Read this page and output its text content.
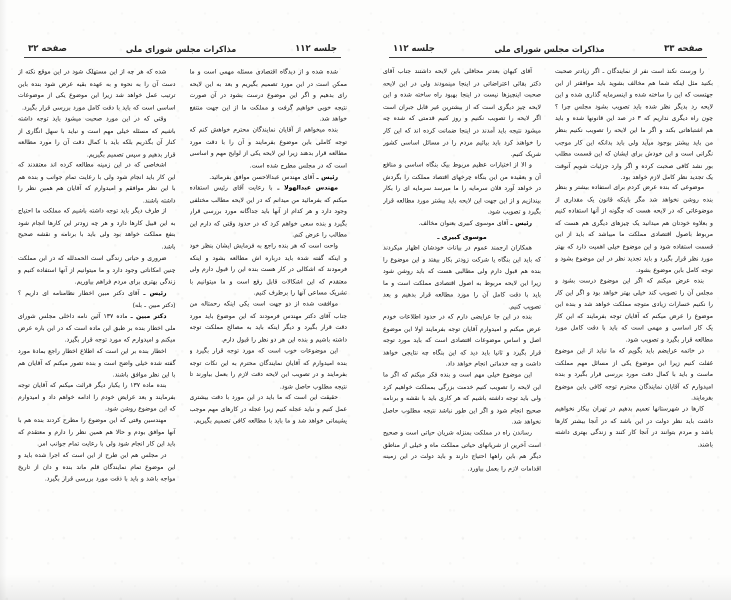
صفحه ۳۳
مذاکرات مجلس شورای ملی
جلسه ۱۱۲

را ورست نکند است نفر از نمایندگان ـ اگر زیادتر صحبت بکنید مثل اینکه شما هم مخالف بشوید باید موافقتر از این جهتست که این را ساخته شده و اینسرمایه گذاری شده و این لایحه رد بدیگر نظر شده باید تصویب بشود مجلس چرا ؟ چون راه دیگری نداریم که ۳ در صد این قانونها شده و باید هم اشتباهاتی بکند و اگر ما این لایحه را تصویب نکنیم بنظر من باید بیشتر بوجود میآید ولی باید بدانکه این کار موجب نگرانی است و این خودش برای ایشان که این قسمت مطلب بور نشد کافی صحبت کرده و اگر وارد جزئیات شویم آنوقت یک تجدید نظر کامل لازم خواهد بود.

موضوعی که بنده عرض کردم برای استفاده بیشتر و بنظر بنده روشن نخواهد شد مگر باینکه قانون یک مقداری از موضوعاتی که در لایحه هست که چگونه از آنها استفاده کنیم و بعلاوه خودتان هم میدانید یک چیزهای دیگری هم هست که مربوط باصول اقتصادی مملکت ما میباشد که باید از این قسمت استفاده شود و این موضوع خیلی اهمیت دارد که بهتر مورد نظر قرار بگیرد و باید تجدید نظر در این موضوع بشود و توجه کامل باین موضوع بشود.

بنده عرض میکنم که اگر این موضوع درست بشود و مجلس آن را تصویب کند خیلی بهتر خواهد بود و اگر این کار را نکنیم خسارات زیادی متوجه مملکت خواهد شد و بنده این موضوع را عرض میکنم که آقایان توجه بفرمایند که این کار یک کار اساسی و مهمی است که باید با دقت کامل مورد مطالعه قرار بگیرد و تصویب شود.

در خاتمه عرایضم باید بگویم که ما نباید از این موضوع غفلت کنیم زیرا این موضوع یکی از مسائل مهم مملکت ماست و باید با کمال دقت مورد بررسی قرار بگیرد و بنده امیدوارم که آقایان نمایندگان محترم توجه کافی باین موضوع بفرمایند.

کارها در شهرستانها تعمیم بدهیم در تهران بیکار نخواهیم داشت باید نظر دولت در این باشد که در آنجا بیشتر کارها باشد و مردم بتوانند در آنجا کار کنند و زندگی بهتری داشته باشند.

آقای کیهان بعدتر محافلی باین لایحه داشتند جناب آقای دکتر بقائی اعتراضاتی در اینجا مینمودند ولی در این لایحه صحبت اینچیزها نیست در اینجا بهبود راه ساخته شده و این لایحه چیز دیگری است که از بیشترین غیر قابل جبران است اگر لایحه را تصویب نکنیم و روز کنیم قدمتی که شده چه میشود نتیجه باید آمدند در اینجا ضمانت کرده اند که این کار را خواهند کرد باید بیائیم مردم را در مسائل اساسی کشور شریک کنیم.

و الا از اختیارات عظیم مربوط بیک بنگاه اساسی و منافع آن و بعقیده من این بنگاه چرخهای اقتصاد مملکت را بگردش در خواهد آورد فلان سرمایه را ما میرسد سرمایه ای را بکار بیندازیم و از این جهت این لایحه باید بیشتر مورد مطالعه قرار بگیرد و تصویب شود.

رئیس ـ آقای موسوی کبیری بعنوان مخالف.

موسوی کبیری ـ

همکاران ارجمند عموم در بیانات خودشان اظهار میکردند که باید این بنگاه یا شرکت زودتر بکار بیفتد و این موضوع را بنده هم قبول دارم ولی مطالبی هست که باید روشن شود زیرا این لایحه مربوط به اصول اقتصادی مملکت است و ما باید با دقت کامل آن را مورد مطالعه قرار بدهیم و بعد تصویب کنیم.

بنده در این جا عرایضی دارم که در حدود اطلاعات خودم عرض میکنم و امیدوارم آقایان توجه بفرمایند اولا این موضوع اصل و اساس موضوعات اقتصادی است که باید مورد توجه قرار بگیرد و ثانیا باید دید که این بنگاه چه نتایجی خواهد داشت و چه خدماتی انجام خواهد داد.

این موضوع خیلی مهم است و بنده فکر میکنم که اگر ما این لایحه را تصویب کنیم خدمت بزرگی بمملکت خواهیم کرد ولی باید توجه داشته باشیم که هر کاری باید با نقشه و برنامه صحیح انجام شود و اگر این طور نباشد نتیجه مطلوب حاصل نخواهد شد.

رساندن راه در مملکت بمنزله شریان حیاتی است و صحیح است آخرین از شریانهای حیاتی مملکت ماه و خیلی از مناطق دیگر هم باین راهها احتیاج دارند و باید دولت در این زمینه اقدامات لازم را بعمل بیاورد.

جلسه ۱۱۲
مذاکرات مجلس شورای ملی
صفحه ۳۲

شده شده و از دیدگاه اقتصادی مسئله مهمی است و ما ممکن است در این مورد تصمیم بگیریم و بعد به این لایحه رای بدهیم و اگر این موضوع درست بشود در آن صورت نتیجه خوبی خواهیم گرفت و مملکت ما از این جهت منتفع خواهد شد.

بنده میخواهم از آقایان نمایندگان محترم خواهش کنم که توجه کاملی باین موضوع بفرمایند و آن را با دقت مورد مطالعه قرار بدهند زیرا این لایحه یکی از لوایح مهم و اساسی است که در مجلس مطرح شده است.

رئیس ـ آقای مهندس عبدالاحسن موافق بفرمائید.

مهندس عبدالهولا ـ با رعایت آقای رئیس استفاده میکنم که بفرمائید من میدانم که در این لایحه مطالب مختلفی وجود دارد و هر کدام از آنها باید جداگانه مورد بررسی قرار بگیرد و بنده سعی خواهم کرد که در حدود وقتی که دارم این مطالب را عرض کنم.

واحت است که هر بنده راجع به فرمایش ایشان بنظر خود و اینکه گفته شده باید درباره اش مطالعه بشود و اینکه فرمودند که اشکالی در کار هست بنده این را قبول دارم ولی معتقدم که این اشکالات قابل رفع است و ما میتوانیم با تشریک مساعی آنها را برطرف کنیم.

موافقت شده از دو جهت است یکی اینکه رحمتاله من جناب آقای دکتر مهندس فرمودند که این موضوع باید مورد دقت قرار بگیرد و دیگر اینکه باید به مصالح مملکت توجه داشته باشیم و بنده این هر دو نظر را قبول دارم.

این موضوعات خوب است که مورد توجه قرار بگیرد و بنده امیدوارم که آقایان نمایندگان محترم به این نکات توجه بفرمایند و در تصویب این لایحه دقت لازم را بعمل بیاورند تا نتیجه مطلوب حاصل شود.

حقیقت این است که ما باید در این مورد با دقت بیشتری عمل کنیم و نباید عجله کنیم زیرا عجله در کارهای مهم موجب پشیمانی خواهد شد و ما باید با مطالعه کافی تصمیم بگیریم.

شده که هر چه از این مستهلک شود در این موقع نکته از دست آن را به نحوه و به عهده بقیه عرض شود بنده باین ترتیب عمل خواهد شد زیرا این موضوع یکی از موضوعات اساسی است که باید با دقت کامل مورد بررسی قرار بگیرد.

وقتی که در این مورد صحبت میشود باید توجه داشته باشیم که مسئله خیلی مهم است و نباید با سهل انگاری از کنار آن بگذریم بلکه باید با کمال دقت آن را مورد مطالعه قرار بدهیم و سپس تصمیم بگیریم.

اشخاصی که در این زمینه مطالعه کرده اند معتقدند که این کار باید انجام شود ولی با رعایت تمام جوانب و بنده هم با این نظر موافقم و امیدوارم که آقایان هم همین نظر را داشته باشند.

از طرف دیگر باید توجه داشته باشیم که مملکت ما احتیاج به این قبیل کارها دارد و هر چه زودتر این کارها انجام شود بنفع مملکت خواهد بود ولی باید با برنامه و نقشه صحیح باشد.

ضروری و حیاتی زندگی است الحمدلله که در این مملکت چنین امکاناتی وجود دارد و ما میتوانیم از آنها استفاده کنیم و زندگی بهتری برای مردم فراهم بیاوریم.

رئیس ـ آقای دکتر مبین اخطار نظامنامه ای داریم ؟ (دکتر مبین ـ بله)

دکتر مبین ـ ماده ۱۳۷ آئین نامه داخلی مجلس شورای ملی اخطار بنده بر طبق این ماده است که در این باره عرض میکنم و امیدوارم که مورد توجه قرار بگیرد.

اخطار بنده بر این است که اطلاع اخطار راجع بمادهٔ مورد گفته شده خیلی واضح است و بنده تصور میکنم که آقایان هم با این نظر موافق باشند.

بنده ماده ۱۳۷ را یکبار دیگر قرائت میکنم که آقایان توجه بفرمایند و بعد عرایض خودم را ادامه خواهم داد و امیدوارم که این موضوع روشن شود.

مهندسین وقتی که این موضوع را مطرح کردند بنده هم با آنها موافق بودم و حالا هم همین نظر را دارم و معتقدم که باید این کار انجام شود ولی با رعایت تمام جوانب امر.

در مجلس هم این طرح از این است که اجرا شده باید و این موضوع تمام نمایندگان قلم ماند بنده و دان از تاریخ مواجه باشد و باید با دقت مورد بررسی قرار بگیرد.
